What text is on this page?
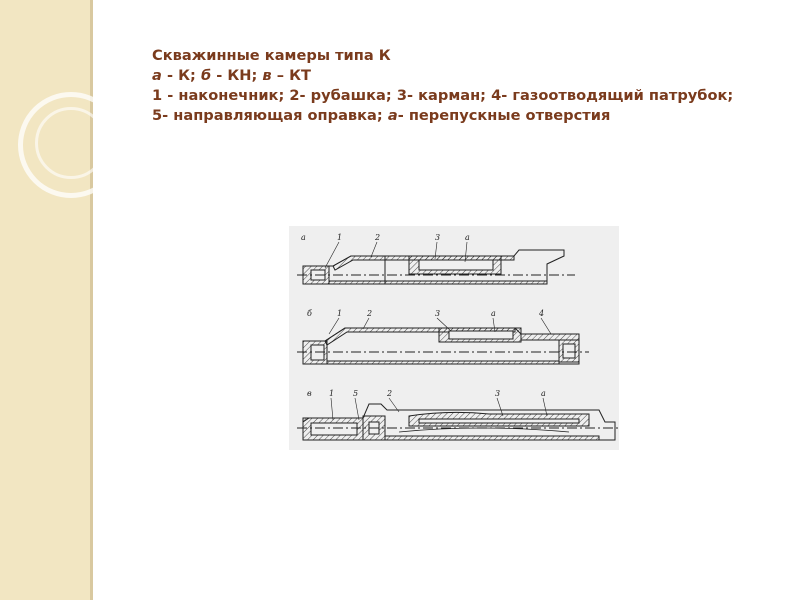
Скважинные камеры типа К
а - К; б - КН; в – КТ
1 - наконечник; 2- рубашка; 3- карман; 4- газоотводящий патрубок;
5- направляющая оправка; а- перепускные отверстия
а	1	2	3	а
б	1	2	3	а	4
в 1 5	2	3	а
